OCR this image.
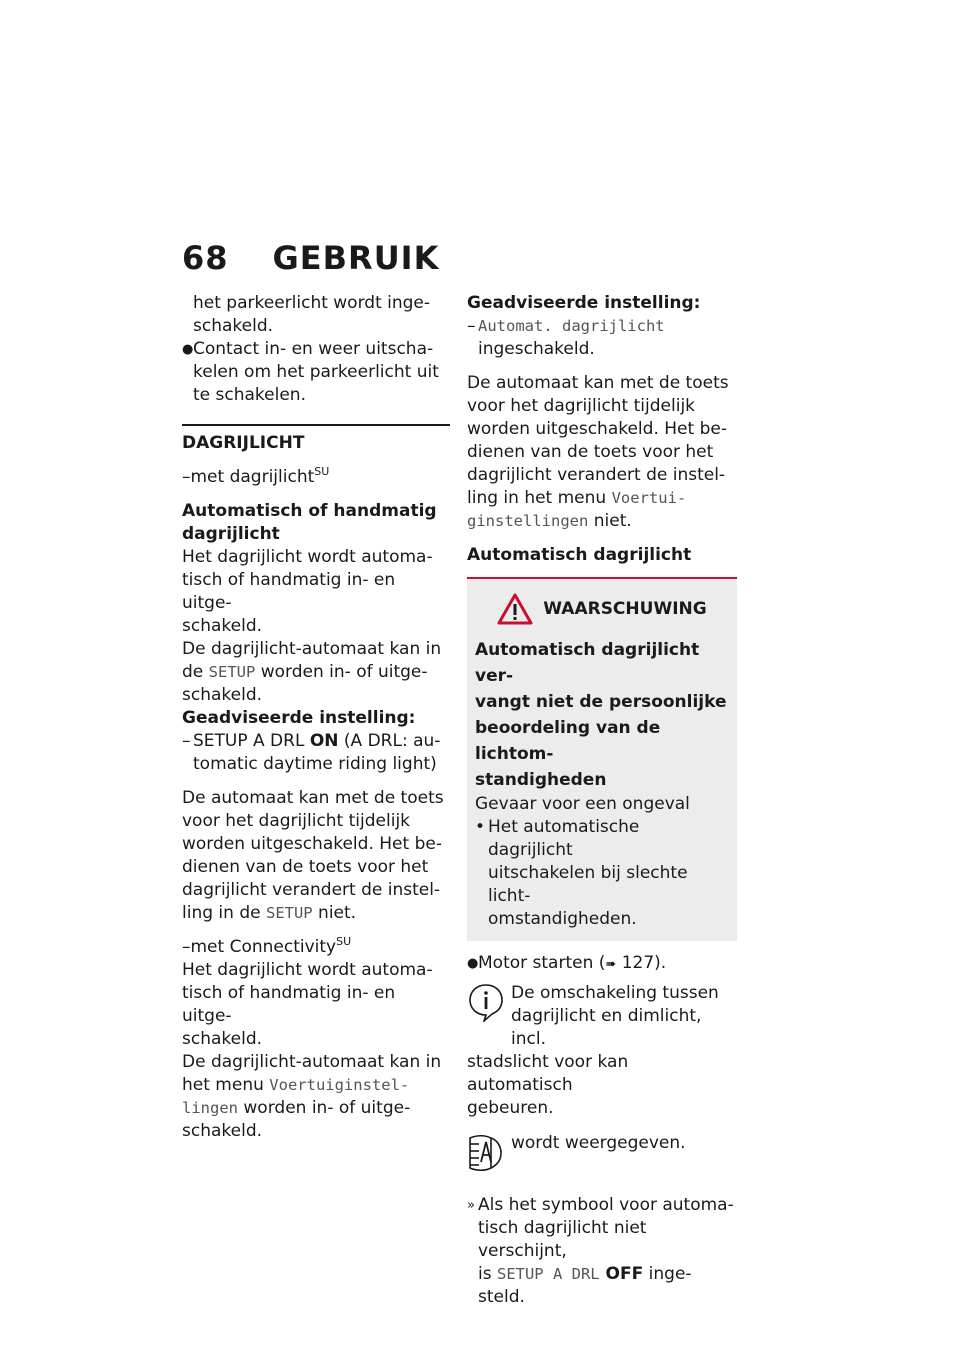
68 GEBRUIK

het parkeerlicht wordt inge-

schakeld.

● Contact in- en weer uitscha-

kelen om het parkeerlicht uit

te schakelen.

DAGRIJLICHT

–met dagrijlicht$^{SU}$

Automatisch of handmatig

dagrijlicht

Het dagrijlicht wordt automa-

tisch of handmatig in- en uitge-

schakeld.

De dagrijlicht-automaat kan in

de SETUP worden in- of uitge-

schakeld.

Geadviseerde instelling:

– SETUP A DRL ON (A DRL: au-

tomatic daytime riding light)

De automaat kan met de toets

voor het dagrijlicht tijdelijk

worden uitgeschakeld. Het be-

dienen van de toets voor het

dagrijlicht verandert de instel-

ling in de SETUP niet.

–met Connectivity$^{SU}$

Het dagrijlicht wordt automa-

tisch of handmatig in- en uitge-

schakeld.

De dagrijlicht-automaat kan in

het menu Voertuiginstel-

lingen worden in- of uitge-

schakeld.

Geadviseerde instelling:

– Automat. dagrijlicht

ingeschakeld.

De automaat kan met de toets

voor het dagrijlicht tijdelijk

worden uitgeschakeld. Het be-

dienen van de toets voor het

dagrijlicht verandert de instel-

ling in het menu Voertui-

ginstellingen niet.

Automatisch dagrijlicht

WAARSCHUWING

Automatisch dagrijlicht ver-

vangt niet de persoonlijke

beoordeling van de lichtom-

standigheden

Gevaar voor een ongeval

• Het automatische dagrijlicht

uitschakelen bij slechte licht-

omstandigheden.

● Motor starten (➠ 127).

De omschakeling tussen

dagrijlicht en dimlicht, incl.

stadslicht voor kan automatisch

gebeuren.

wordt weergegeven.

» Als het symbool voor automa-

tisch dagrijlicht niet verschijnt,

is SETUP A DRL OFF inge-

steld.
